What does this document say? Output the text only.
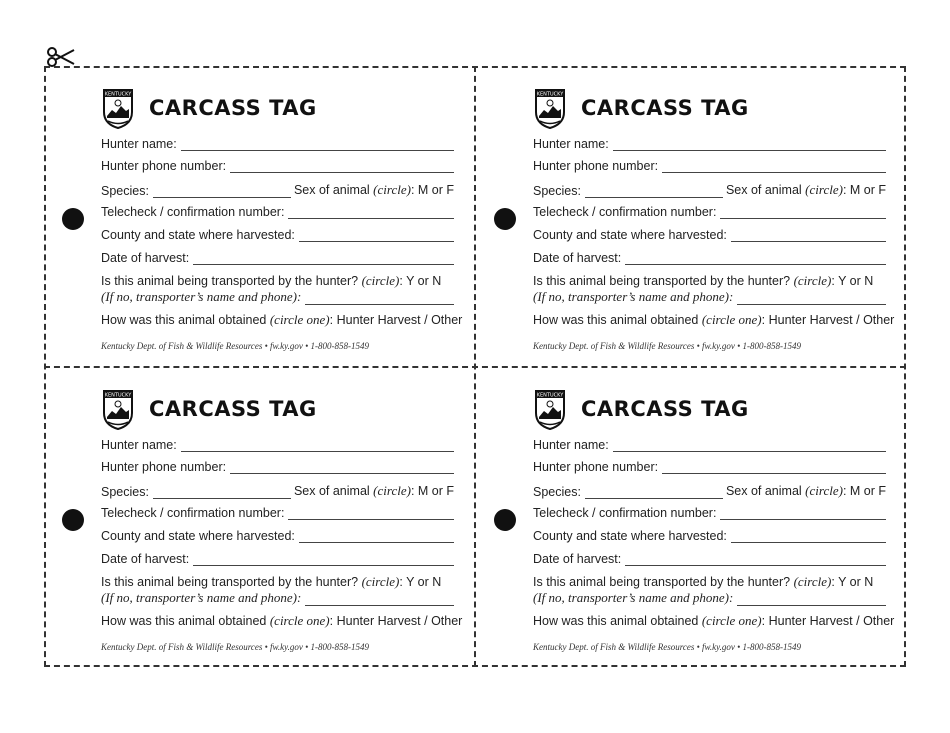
KENTUCKY
CARCASS TAG
Hunter name:
Hunter phone number:
Species:	Sex of animal (circle): M or F
Telecheck / confirmation number:
County and state where harvested:
Date of harvest:
Is this animal being transported by the hunter? (circle): Y or N
(If no, transporter’s name and phone):
How was this animal obtained (circle one): Hunter Harvest / Other
Kentucky Dept. of Fish & Wildlife Resources • fw.ky.gov • 1-800-858-1549
KENTUCKY
CARCASS TAG
Hunter name:
Hunter phone number:
Species:	Sex of animal (circle): M or F
Telecheck / confirmation number:
County and state where harvested:
Date of harvest:
Is this animal being transported by the hunter? (circle): Y or N
(If no, transporter’s name and phone):
How was this animal obtained (circle one): Hunter Harvest / Other
Kentucky Dept. of Fish & Wildlife Resources • fw.ky.gov • 1-800-858-1549
KENTUCKY
CARCASS TAG
Hunter name:
Hunter phone number:
Species:	Sex of animal (circle): M or F
Telecheck / confirmation number:
County and state where harvested:
Date of harvest:
Is this animal being transported by the hunter? (circle): Y or N
(If no, transporter’s name and phone):
How was this animal obtained (circle one): Hunter Harvest / Other
Kentucky Dept. of Fish & Wildlife Resources • fw.ky.gov • 1-800-858-1549
KENTUCKY
CARCASS TAG
Hunter name:
Hunter phone number:
Species:	Sex of animal (circle): M or F
Telecheck / confirmation number:
County and state where harvested:
Date of harvest:
Is this animal being transported by the hunter? (circle): Y or N
(If no, transporter’s name and phone):
How was this animal obtained (circle one): Hunter Harvest / Other
Kentucky Dept. of Fish & Wildlife Resources • fw.ky.gov • 1-800-858-1549
